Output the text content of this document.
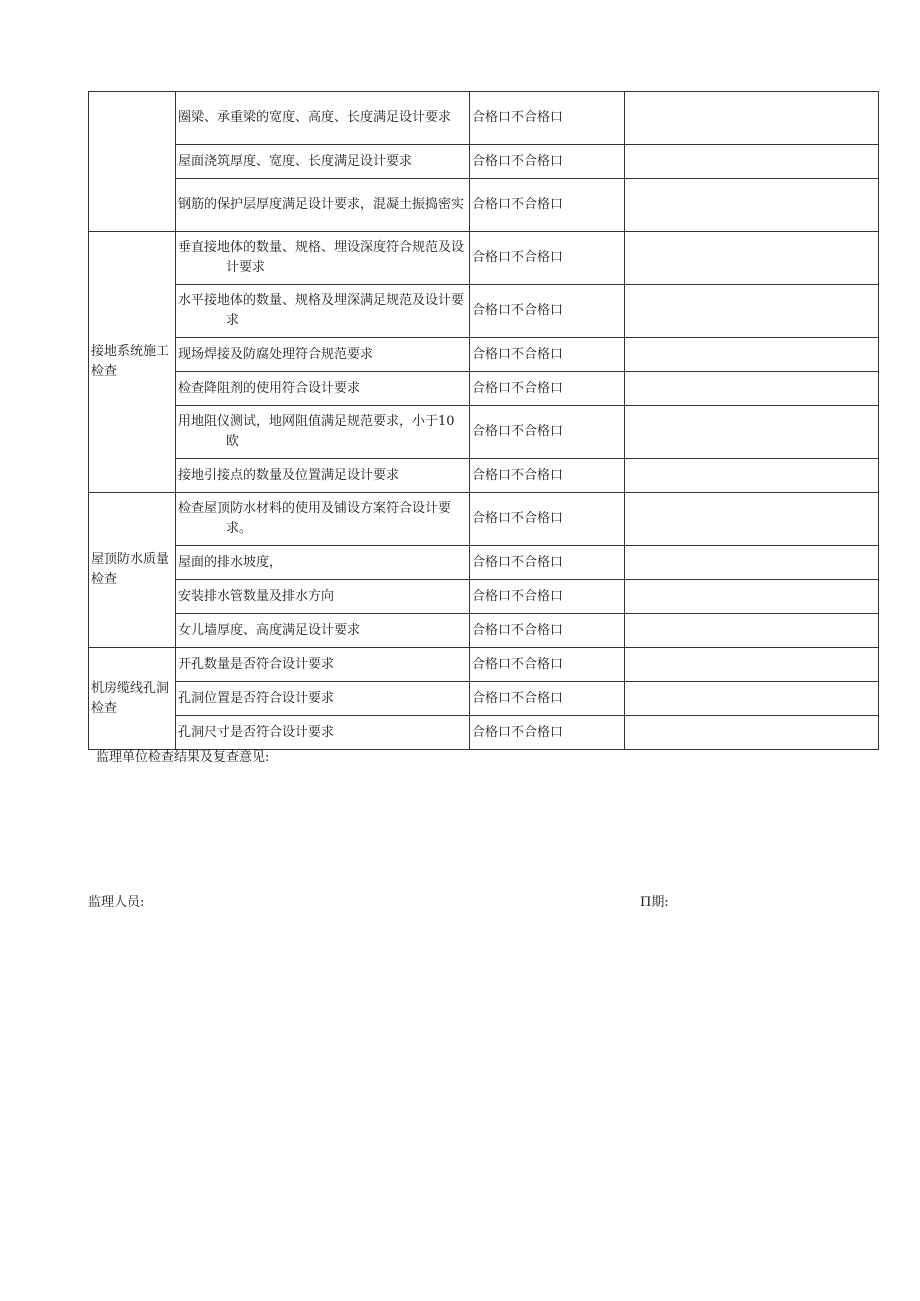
	圈梁、承重梁的宽度、高度、长度满足设计要求	合格口不合格口	

	屋面浇筑厚度、宽度、长度满足设计要求	合格口不合格口	

	钢筋的保护层厚度满足设计要求，混凝土振捣密实	合格口不合格口	
接地系统施工检查	垂直接地体的数量、规格、埋设深度符合规范及设计要求	合格口不合格口	

	水平接地体的数量、规格及埋深满足规范及设计要求	合格口不合格口	

	现场焊接及防腐处理符合规范要求	合格口不合格口	

	检查降阻剂的使用符合设计要求	合格口不合格口	

	用地阻仪测试，地网阻值满足规范要求，小于10欧	合格口不合格口	

	接地引接点的数量及位置满足设计要求	合格口不合格口	
屋顶防水质量检查	检查屋顶防水材料的使用及铺设方案符合设计要求。	合格口不合格口	

	屋面的排水坡度，	合格口不合格口	

	安装排水管数量及排水方向	合格口不合格口	

	女儿墙厚度、高度满足设计要求	合格口不合格口	
机房缆线孔洞检查	开孔数量是否符合设计要求	合格口不合格口	

	孔洞位置是否符合设计要求	合格口不合格口	

	孔洞尺寸是否符合设计要求	合格口不合格口	
监理单位检查结果及复查意见:
监理人员:	Π期:
